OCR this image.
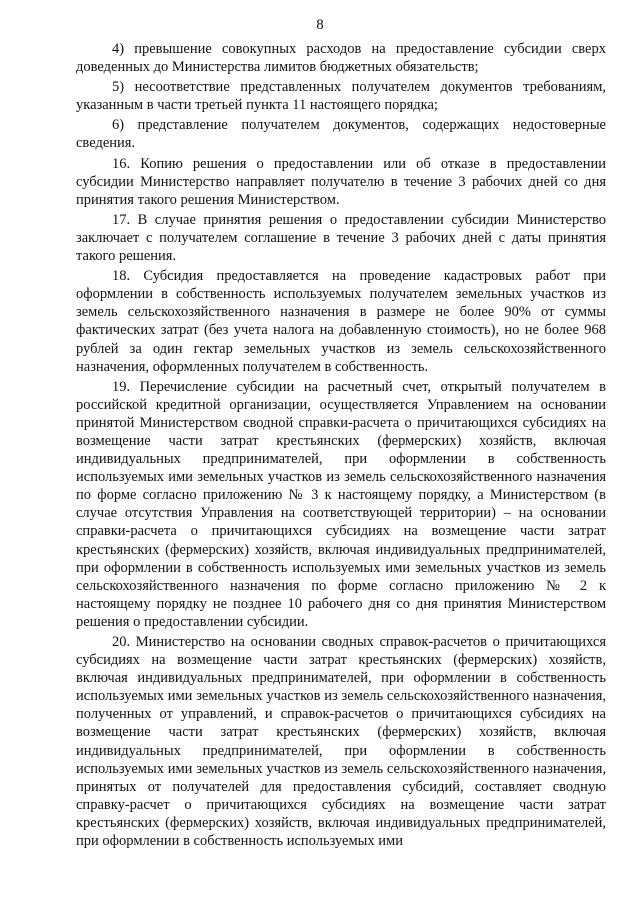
8

4) превышение совокупных расходов на предоставление субсидии сверх доведенных до Министерства лимитов бюджетных обязательств;

5) несоответствие представленных получателем документов требованиям, указанным в части третьей пункта 11 настоящего порядка;

6) представление получателем документов, содержащих недостоверные сведения.

16. Копию решения о предоставлении или об отказе в предоставлении субсидии Министерство направляет получателю в течение 3 рабочих дней со дня принятия такого решения Министерством.

17. В случае принятия решения о предоставлении субсидии Министерство заключает с получателем соглашение в течение 3 рабочих дней с даты принятия такого решения.

18. Субсидия предоставляется на проведение кадастровых работ при оформлении в собственность используемых получателем земельных участков из земель сельскохозяйственного назначения в размере не более 90% от суммы фактических затрат (без учета налога на добавленную стоимость), но не более 968 рублей за один гектар земельных участков из земель сельскохозяйственного назначения, оформленных получателем в собственность.

19. Перечисление субсидии на расчетный счет, открытый получателем в российской кредитной организации, осуществляется Управлением на основании принятой Министерством сводной справки-расчета о причитающихся субсидиях на возмещение части затрат крестьянских (фермерских) хозяйств, включая индивидуальных предпринимателей, при оформлении в собственность используемых ими земельных участков из земель сельскохозяйственного назначения по форме согласно приложению № 3 к настоящему порядку, а Министерством (в случае отсутствия Управления на соответствующей территории) – на основании справки-расчета о причитающихся субсидиях на возмещение части затрат крестьянских (фермерских) хозяйств, включая индивидуальных предпринимателей, при оформлении в собственность используемых ими земельных участков из земель сельскохозяйственного назначения по форме согласно приложению № 2 к настоящему порядку не позднее 10 рабочего дня со дня принятия Министерством решения о предоставлении субсидии.

20. Министерство на основании сводных справок-расчетов о причитающихся субсидиях на возмещение части затрат крестьянских (фермерских) хозяйств, включая индивидуальных предпринимателей, при оформлении в собственность используемых ими земельных участков из земель сельскохозяйственного назначения, полученных от управлений, и справок-расчетов о причитающихся субсидиях на возмещение части затрат крестьянских (фермерских) хозяйств, включая индивидуальных предпринимателей, при оформлении в собственность используемых ими земельных участков из земель сельскохозяйственного назначения, принятых от получателей для предоставления субсидий, составляет сводную справку-расчет о причитающихся субсидиях на возмещение части затрат крестьянских (фермерских) хозяйств, включая индивидуальных предпринимателей, при оформлении в собственность используемых ими
